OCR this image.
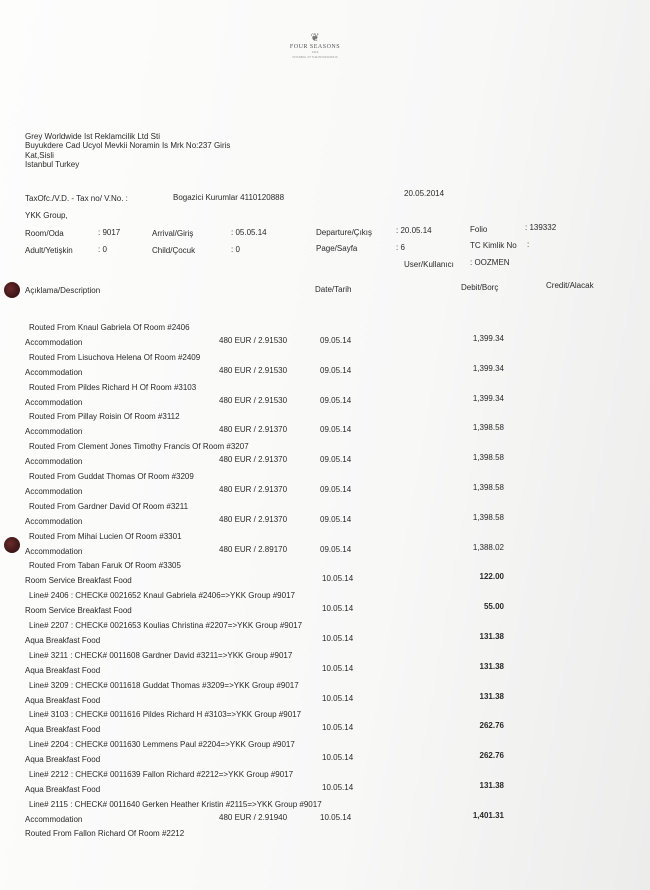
❦
FOUR SEASONS
1919
ISTANBUL AT THE BOSPHORUS
Grey Worldwide Ist Reklamcilik Ltd Sti
Buyukdere Cad Ucyol Mevkii Noramin Is Mrk No:237 Giris
Kat,Sisli
Istanbul Turkey
TaxOfc./V.D. - Tax no/ V.No. :	Bogazici Kurumlar 4110120888	20.05.2014
YKK Group,
Room/Oda	: 9017	Arrival/Giriş	: 05.05.14	Departure/Çıkış	: 20.05.14	Folio	: 139332
Adult/Yetişkin	: 0	Child/Çocuk	: 0	Page/Sayfa	: 6	TC Kimlik No :
User/Kullanıcı : OOZMEN
Açıklama/Description	Date/Tarih	Debit/Borç	Credit/Alacak
Routed From Knaul Gabriela Of Room #2406
Accommodation	480 EUR / 2.91530	09.05.14	1,399.34
Routed From Lisuchova Helena Of Room #2409
Accommodation	480 EUR / 2.91530	09.05.14	1,399.34
Routed From Pildes Richard H Of Room #3103
Accommodation	480 EUR / 2.91530	09.05.14	1,399.34
Routed From Pillay Roisin Of Room #3112
Accommodation	480 EUR / 2.91370	09.05.14	1,398.58
Routed From Clement Jones Timothy Francis Of Room #3207
Accommodation	480 EUR / 2.91370	09.05.14	1,398.58
Routed From Guddat Thomas Of Room #3209
Accommodation	480 EUR / 2.91370	09.05.14	1,398.58
Routed From Gardner David Of Room #3211
Accommodation	480 EUR / 2.91370	09.05.14	1,398.58
Routed From Mihai Lucien Of Room #3301
Accommodation	480 EUR / 2.89170	09.05.14	1,388.02
Routed From Taban Faruk Of Room #3305
Room Service Breakfast Food	10.05.14	122.00
Line# 2406 : CHECK# 0021652 Knaul Gabriela #2406=>YKK Group #9017
Room Service Breakfast Food	10.05.14	55.00
Line# 2207 : CHECK# 0021653 Koulias Christina #2207=>YKK Group #9017
Aqua Breakfast Food	10.05.14	131.38
Line# 3211 : CHECK# 0011608 Gardner David #3211=>YKK Group #9017
Aqua Breakfast Food	10.05.14	131.38
Line# 3209 : CHECK# 0011618 Guddat Thomas #3209=>YKK Group #9017
Aqua Breakfast Food	10.05.14	131.38
Line# 3103 : CHECK# 0011616 Pildes Richard H #3103=>YKK Group #9017
Aqua Breakfast Food	10.05.14	262.76
Line# 2204 : CHECK# 0011630 Lemmens Paul #2204=>YKK Group #9017
Aqua Breakfast Food	10.05.14	262.76
Line# 2212 : CHECK# 0011639 Fallon Richard #2212=>YKK Group #9017
Aqua Breakfast Food	10.05.14	131.38
Line# 2115 : CHECK# 0011640 Gerken Heather Kristin #2115=>YKK Group #9017
Accommodation	480 EUR / 2.91940	10.05.14	1,401.31
Routed From Fallon Richard Of Room #2212
